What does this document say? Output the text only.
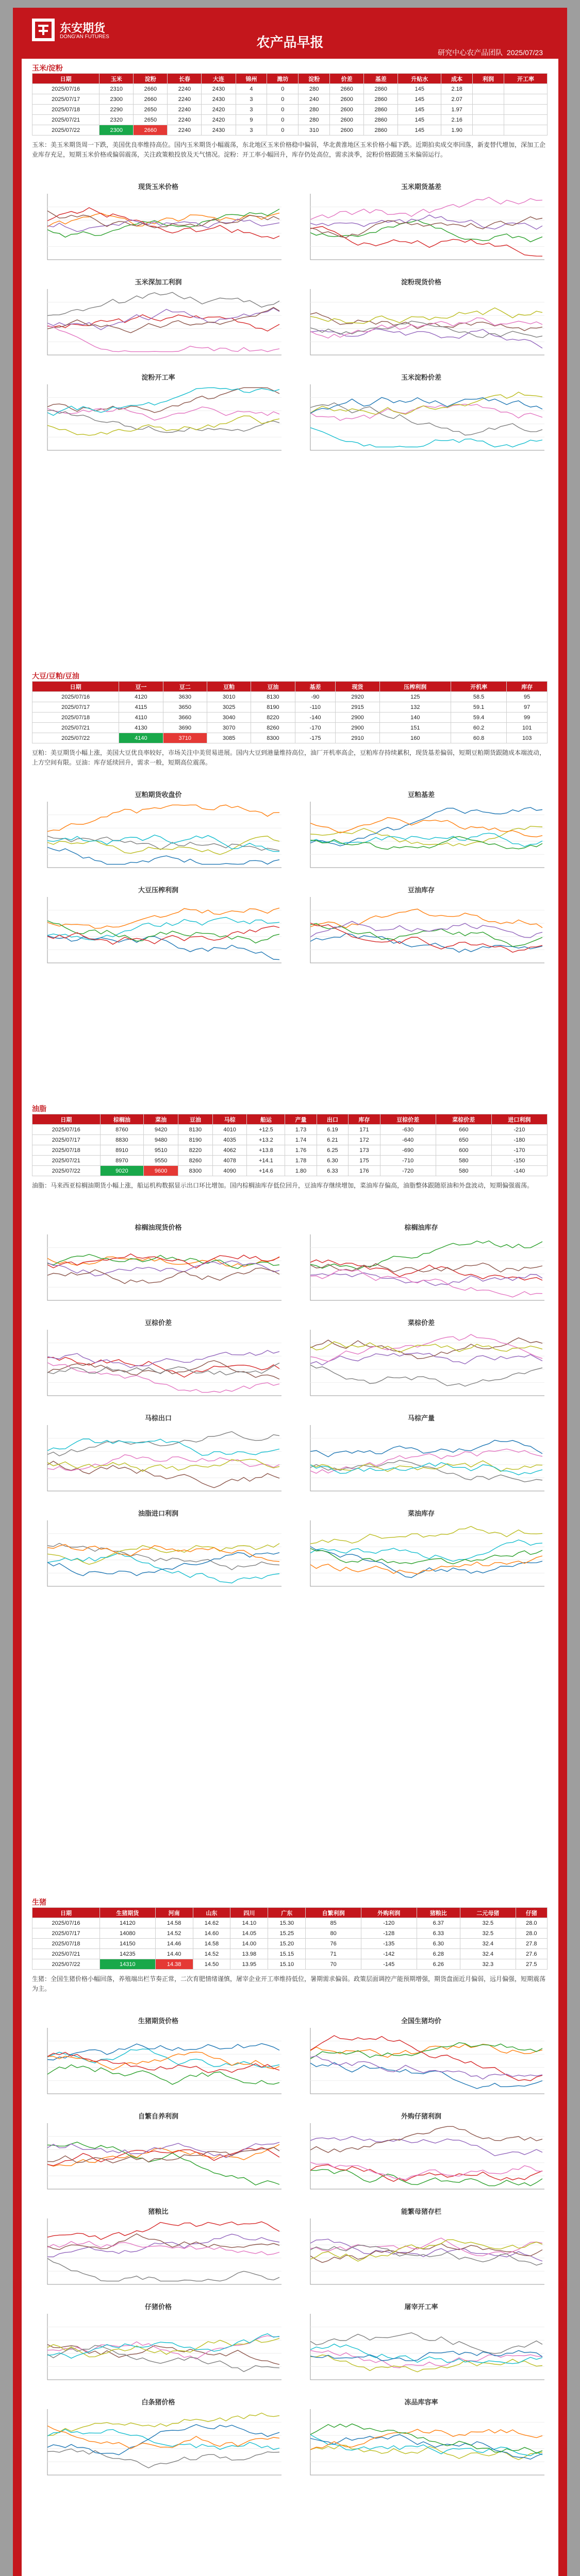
东安期货
DONG'AN FUTURES	农产品早报
研究中心农产品团队 2025/07/23
玉米/淀粉
日期	玉米	淀粉	长春	大连	锦州	潍坊	淀粉	价差	基差	升贴水	成本	利润	开工率
2025/07/16	2310	2660	2240	2430	4	0	280	2660	2860	145	2.18		
2025/07/17	2300	2660	2240	2430	3	0	240	2600	2860	145	2.07		
2025/07/18	2290	2650	2240	2420	3	0	280	2600	2860	145	1.97		
2025/07/21	2320	2650	2240	2420	9	0	280	2600	2860	145	2.16		
2025/07/22	2300	2660	2240	2430	3	0	310	2600	2860	145	1.90		
玉米：美玉米期货周一下跌，美国优良率维持高位。国内玉米期货小幅震荡，东北地区玉米价格稳中偏弱，华北黄淮地区玉米价格小幅下跌。近期拍卖成交率回落，新麦替代增加，深加工企业库存充足，短期玉米价格或偏弱震荡，关注政策粮投放及天气情况。淀粉：开工率小幅回升，库存仍处高位，需求淡季，淀粉价格跟随玉米偏弱运行。
现货玉米价格	玉米期货基差
玉米深加工利润	淀粉现货价格
淀粉开工率	玉米淀粉价差
大豆/豆粕/豆油
日期	豆一	豆二	豆粕	豆油	基差	现货	压榨利润	开机率	库存
2025/07/16	4120	3630	3010	8130	-90	2920	125	58.5	95
2025/07/17	4115	3650	3025	8190	-110	2915	132	59.1	97
2025/07/18	4110	3660	3040	8220	-140	2900	140	59.4	99
2025/07/21	4130	3690	3070	8260	-170	2900	151	60.2	101
2025/07/22	4140	3710	3085	8300	-175	2910	160	60.8	103
豆粕：美豆期货小幅上涨，美国大豆优良率较好，市场关注中美贸易进展。国内大豆到港量维持高位，油厂开机率高企，豆粕库存持续累积，现货基差偏弱，短期豆粕期货跟随成本端波动，上方空间有限。豆油：库存延续回升，需求一般，短期高位震荡。
豆粕期货收盘价	豆粕基差
大豆压榨利润	豆油库存
油脂
日期	棕榈油	菜油	豆油	马棕	船运	产量	出口	库存	豆棕价差	菜棕价差	进口利润
2025/07/16	8760	9420	8130	4010	+12.5	1.73	6.19	171	-630	660	-210
2025/07/17	8830	9480	8190	4035	+13.2	1.74	6.21	172	-640	650	-180
2025/07/18	8910	9510	8220	4062	+13.8	1.76	6.25	173	-690	600	-170
2025/07/21	8970	9550	8260	4078	+14.1	1.78	6.30	175	-710	580	-150
2025/07/22	9020	9600	8300	4090	+14.6	1.80	6.33	176	-720	580	-140
油脂：马来西亚棕榈油期货小幅上涨，船运机构数据显示出口环比增加。国内棕榈油库存低位回升，豆油库存继续增加，菜油库存偏高，油脂整体跟随原油和外盘波动，短期偏强震荡。
棕榈油现货价格	棕榈油库存
豆棕价差	菜棕价差
马棕出口	马棕产量
油脂进口利润	菜油库存
生猪
日期	生猪期货	河南	山东	四川	广东	自繁利润	外购利润	猪粮比	二元母猪	仔猪
2025/07/16	14120	14.58	14.62	14.10	15.30	85	-120	6.37	32.5	28.0
2025/07/17	14080	14.52	14.60	14.05	15.25	80	-128	6.33	32.5	28.0
2025/07/18	14150	14.46	14.58	14.00	15.20	76	-135	6.30	32.4	27.8
2025/07/21	14235	14.40	14.52	13.98	15.15	71	-142	6.28	32.4	27.6
2025/07/22	14310	14.38	14.50	13.95	15.10	70	-145	6.26	32.3	27.5
生猪：全国生猪价格小幅回落，养殖端出栏节奏正常，二次育肥情绪谨慎，屠宰企业开工率维持低位，暑期需求偏弱。政策层面调控产能预期增强，期货盘面近月偏弱，远月偏强，短期震荡为主。
生猪期货价格	全国生猪均价
自繁自养利润	外购仔猪利润
猪粮比	能繁母猪存栏
仔猪价格	屠宰开工率
白条猪价格	冻品库容率
